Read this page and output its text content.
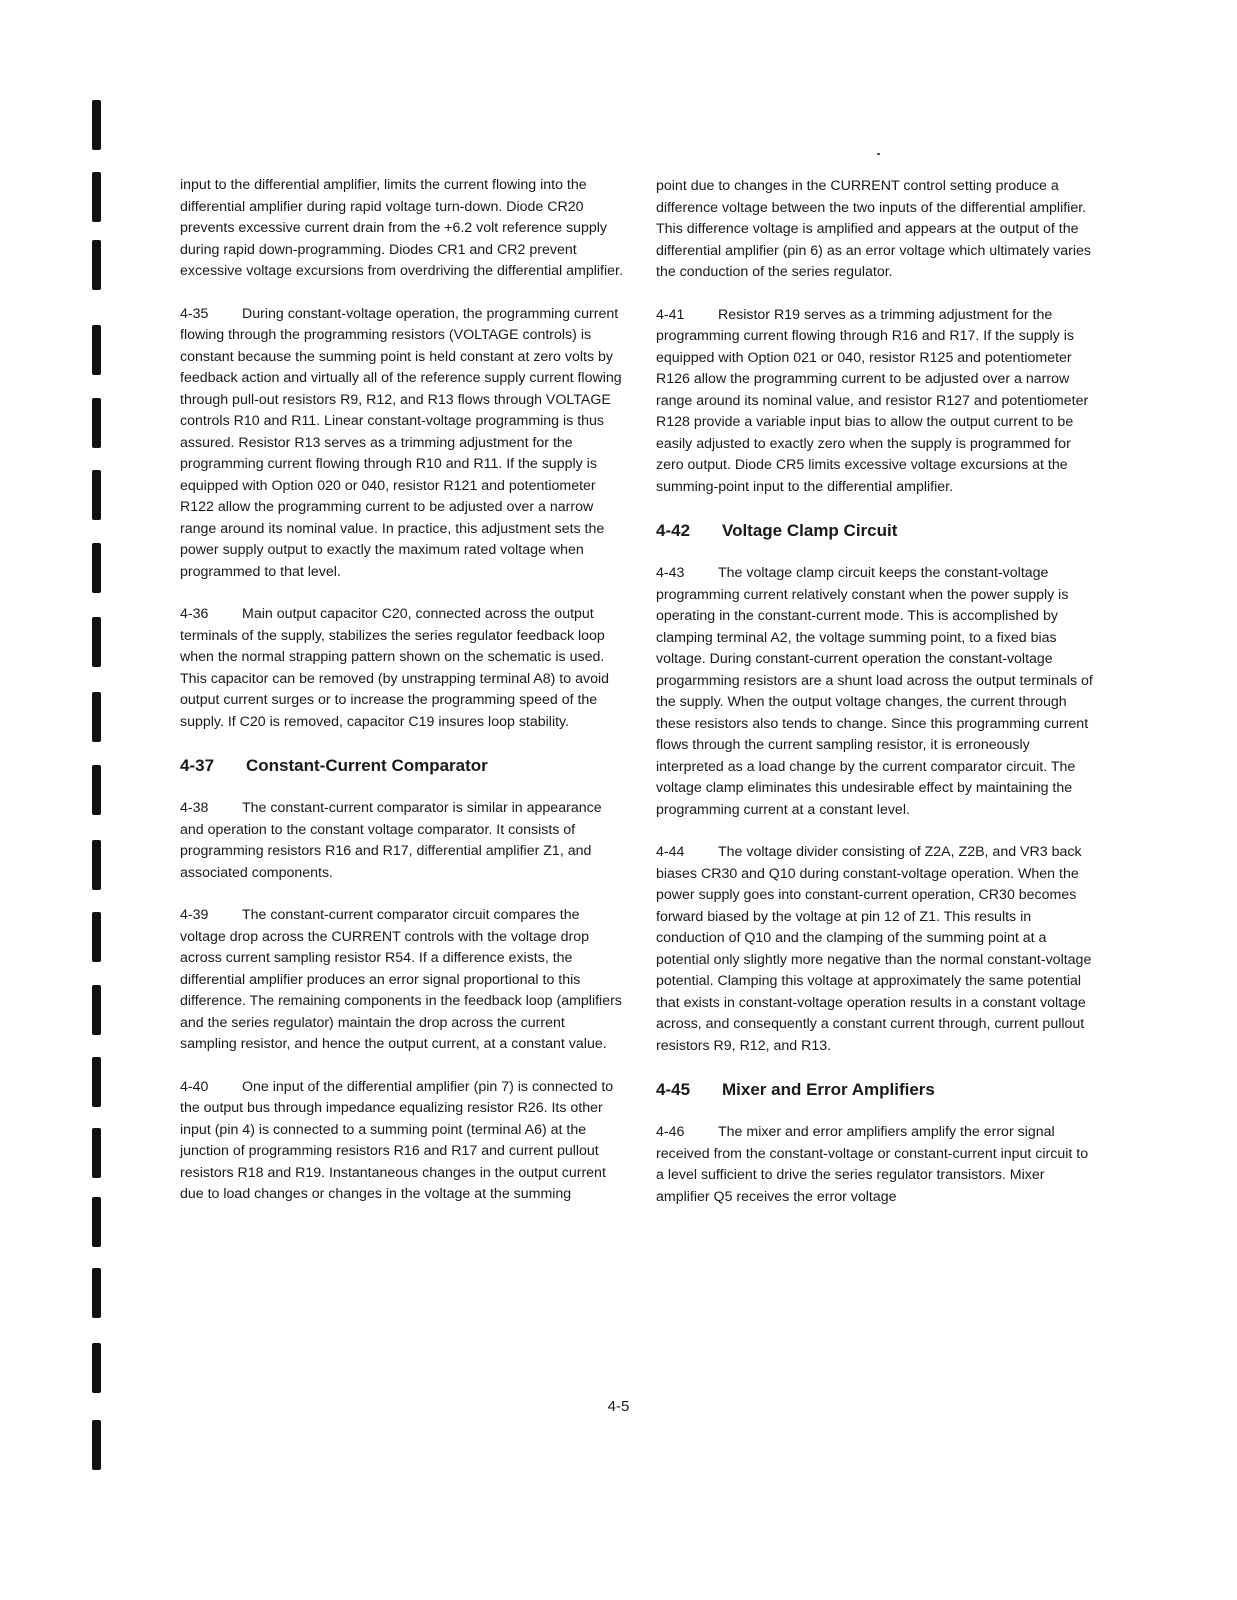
input to the differential amplifier, limits the current flowing into the differential amplifier during rapid voltage turn-down. Diode CR20 prevents excessive current drain from the +6.2 volt reference supply during rapid down-programming. Diodes CR1 and CR2 prevent excessive voltage excursions from overdriving the differential amplifier.

4-35 During constant-voltage operation, the programming current flowing through the programming resistors (VOLTAGE controls) is constant because the summing point is held constant at zero volts by feedback action and virtually all of the reference supply current flowing through pull-out resistors R9, R12, and R13 flows through VOLTAGE controls R10 and R11. Linear constant-voltage programming is thus assured. Resistor R13 serves as a trimming adjustment for the programming current flowing through R10 and R11. If the supply is equipped with Option 020 or 040, resistor R121 and potentiometer R122 allow the programming current to be adjusted over a narrow range around its nominal value. In practice, this adjustment sets the power supply output to exactly the maximum rated voltage when programmed to that level.

4-36 Main output capacitor C20, connected across the output terminals of the supply, stabilizes the series regulator feedback loop when the normal strapping pattern shown on the schematic is used. This capacitor can be removed (by unstrapping terminal A8) to avoid output current surges or to increase the programming speed of the supply. If C20 is removed, capacitor C19 insures loop stability.

4-37 Constant-Current Comparator

4-38 The constant-current comparator is similar in appearance and operation to the constant voltage comparator. It consists of programming resistors R16 and R17, differential amplifier Z1, and associated components.

4-39 The constant-current comparator circuit compares the voltage drop across the CURRENT controls with the voltage drop across current sampling resistor R54. If a difference exists, the differential amplifier produces an error signal proportional to this difference. The remaining components in the feedback loop (amplifiers and the series regulator) maintain the drop across the current sampling resistor, and hence the output current, at a constant value.

4-40 One input of the differential amplifier (pin 7) is connected to the output bus through impedance equalizing resistor R26. Its other input (pin 4) is connected to a summing point (terminal A6) at the junction of programming resistors R16 and R17 and current pullout resistors R18 and R19. Instantaneous changes in the output current due to load changes or changes in the voltage at the summing

point due to changes in the CURRENT control setting produce a difference voltage between the two inputs of the differential amplifier. This difference voltage is amplified and appears at the output of the differential amplifier (pin 6) as an error voltage which ultimately varies the conduction of the series regulator.

4-41 Resistor R19 serves as a trimming adjustment for the programming current flowing through R16 and R17. If the supply is equipped with Option 021 or 040, resistor R125 and potentiometer R126 allow the programming current to be adjusted over a narrow range around its nominal value, and resistor R127 and potentiometer R128 provide a variable input bias to allow the output current to be easily adjusted to exactly zero when the supply is programmed for zero output. Diode CR5 limits excessive voltage excursions at the summing-point input to the differential amplifier.

4-42 Voltage Clamp Circuit

4-43 The voltage clamp circuit keeps the constant-voltage programming current relatively constant when the power supply is operating in the constant-current mode. This is accomplished by clamping terminal A2, the voltage summing point, to a fixed bias voltage. During constant-current operation the constant-voltage progarmming resistors are a shunt load across the output terminals of the supply. When the output voltage changes, the current through these resistors also tends to change. Since this programming current flows through the current sampling resistor, it is erroneously interpreted as a load change by the current comparator circuit. The voltage clamp eliminates this undesirable effect by maintaining the programming current at a constant level.

4-44 The voltage divider consisting of Z2A, Z2B, and VR3 back biases CR30 and Q10 during constant-voltage operation. When the power supply goes into constant-current operation, CR30 becomes forward biased by the voltage at pin 12 of Z1. This results in conduction of Q10 and the clamping of the summing point at a potential only slightly more negative than the normal constant-voltage potential. Clamping this voltage at approximately the same potential that exists in constant-voltage operation results in a constant voltage across, and consequently a constant current through, current pullout resistors R9, R12, and R13.

4-45 Mixer and Error Amplifiers

4-46 The mixer and error amplifiers amplify the error signal received from the constant-voltage or constant-current input circuit to a level sufficient to drive the series regulator transistors. Mixer amplifier Q5 receives the error voltage

4-5
